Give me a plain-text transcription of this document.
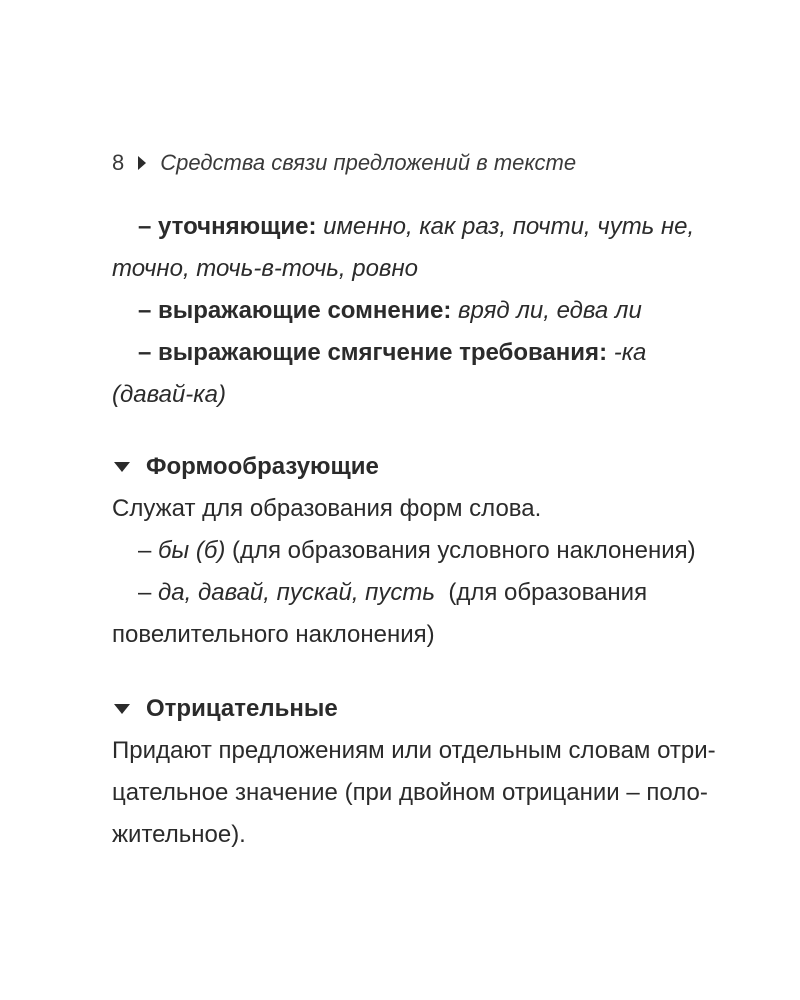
8 Средства связи предложений в тексте
– уточняющие: именно, как раз, почти, чуть не,
точно, точь-в-точь, ровно
– выражающие сомнение: вряд ли, едва ли
– выражающие смягчение требования: -ка
(давай-ка)
Формообразующие
Служат для образования форм слова.
– бы (б) (для образования условного наклонения)
– да, давай, пускай, пусть  (для образования
повелительного наклонения)
Отрицательные
Придают предложениям или отдельным словам отри-
цательное значение (при двойном отрицании – поло-
жительное).
